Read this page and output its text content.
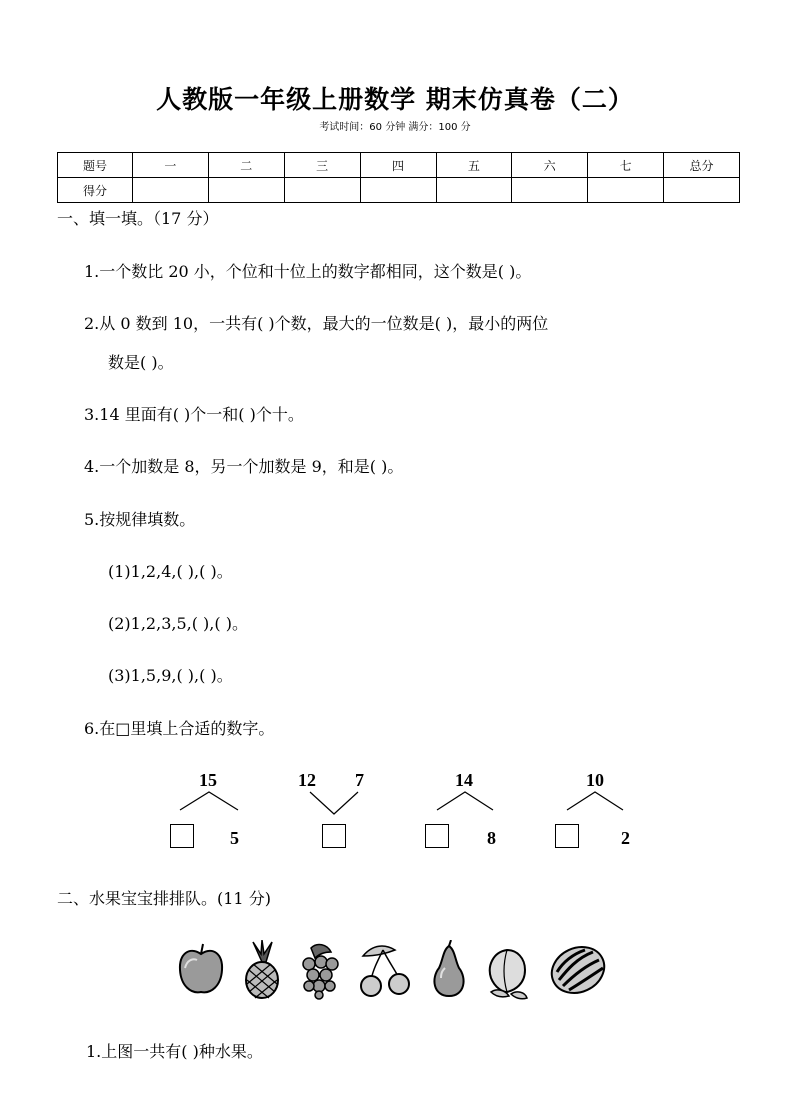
人教版一年级上册数学 期末仿真卷（二）
考试时间：60 分钟 满分：100 分
题号	一	二	三	四	五	六	七	总分
得分								
一、填一填。（17 分）
1.一个数比 20 小，个位和十位上的数字都相同，这个数是( )。
2.从 0 数到 10，一共有( )个数，最大的一位数是( )，最小的两位
数是( )。
3.14 里面有( )个一和( )个十。
4.一个加数是 8，另一个加数是 9，和是( )。
5.按规律填数。
(1)1,2,4,( ),( )。
(2)1,2,3,5,( ),( )。
(3)1,5,9,( ),( )。
6.在□里填上合适的数字。
15
5
12 7	14
8
10
2
二、水果宝宝排排队。(11 分)
1.上图一共有( )种水果。
